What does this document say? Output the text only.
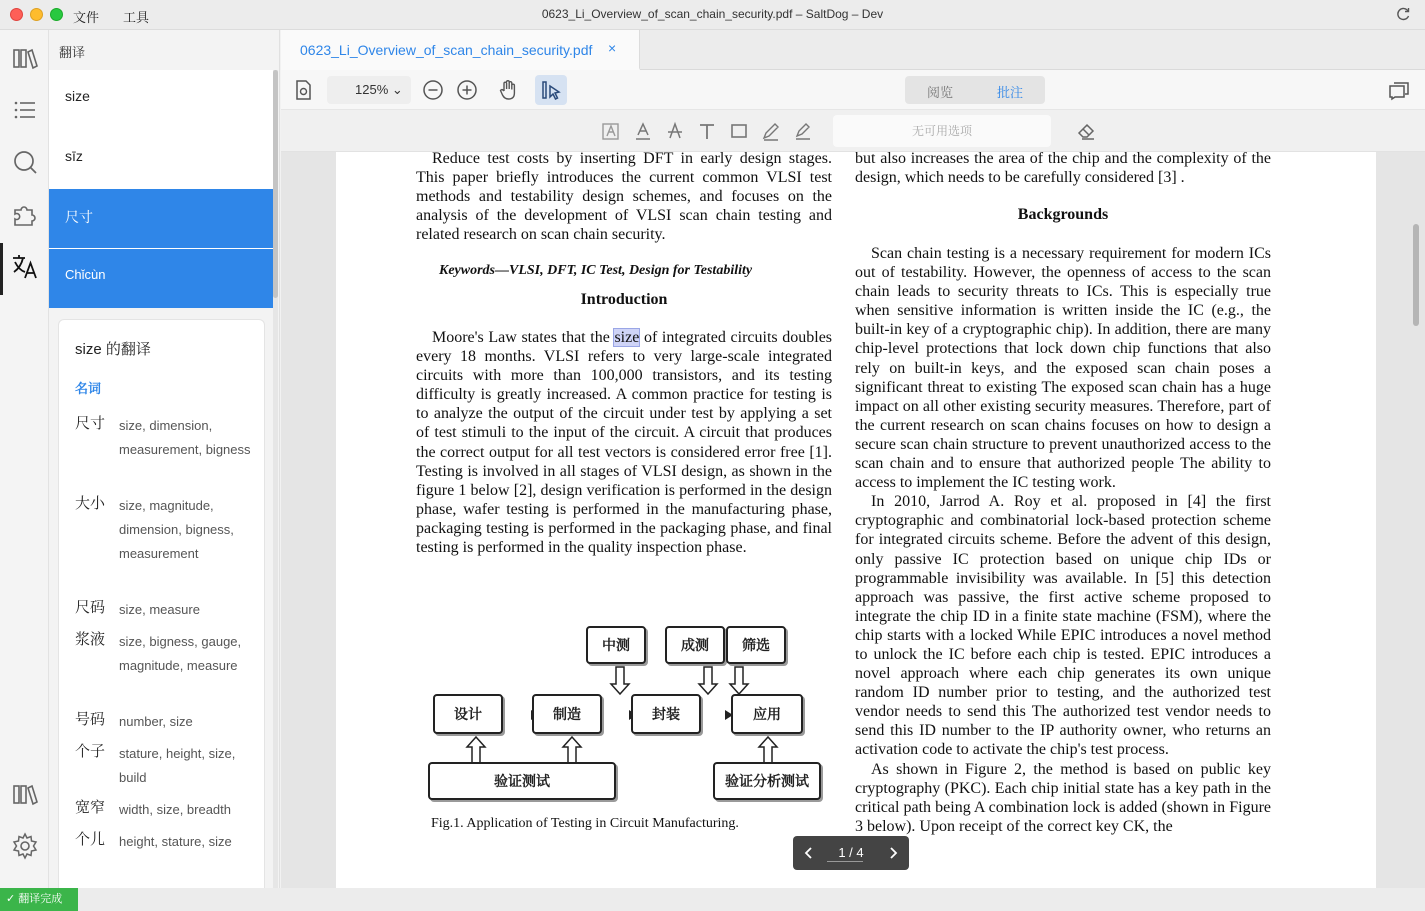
文件 工具	0623_Li_Overview_of_scan_chain_security.pdf – SaltDog – Dev
翻译
size
sīz
尺寸
Chǐcùn
size 的翻译
名词
尺寸 size, dimension, measurement, bigness
大小 size, magnitude, dimension, bigness, measurement
尺码 size, measure
浆液 size, bigness, gauge, magnitude, measure
号码 number, size
个子 stature, height, size, build
宽窄 width, size, breadth
个儿 height, stature, size
✓ 翻译完成
0623_Li_Overview_of_scan_chain_security.pdf ×
125% ⌄	阅览	批注
无可用选项

Reduce test costs by inserting DFT in early design stages. This paper briefly introduces the current common VLSI test methods and testability design schemes, and focuses on the analysis of the development of VLSI scan chain testing and related research on scan chain security.

Keywords—VLSI, DFT, IC Test, Design for Testability
Introduction

Moore's Law states that the size of integrated circuits doubles every 18 months. VLSI refers to very large-scale integrated circuits with more than 100,000 transistors, and its testing difficulty is greatly increased. A common practice for testing is to analyze the output of the circuit under test by applying a set of test stimuli to the input of the circuit. A circuit that produces the correct output for all test vectors is considered error free [1]. Testing is involved in all stages of VLSI design, as shown in the figure 1 below [2], design verification is performed in the design phase, wafer testing is performed in the manufacturing phase, packaging testing is performed in the packaging phase, and final testing is performed in the quality inspection phase.

设计	制造	封装	应用
中测	成测	筛选
验证测试	验证分析测试
Fig.1. Application of Testing in Circuit Manufacturing.

but also increases the area of the chip and the complexity of the design, which needs to be carefully considered [3] .

Backgrounds

Scan chain testing is a necessary requirement for modern ICs out of testability. However, the openness of access to the scan chain leads to security threats to ICs. This is especially true when sensitive information is written inside the IC (e.g., the built-in key of a cryptographic chip). In addition, there are many chip-level protections that lock down chip functions that also rely on built-in keys, and the exposed scan chain poses a significant threat to existing The exposed scan chain has a huge impact on all other existing security measures. Therefore, part of the current research on scan chains focuses on how to design a secure scan chain structure to prevent unauthorized access to the scan chain and to ensure that authorized people The ability to access to implement the IC testing work.

In 2010, Jarrod A. Roy et al. proposed in [4] the first cryptographic and combinatorial lock-based protection scheme for integrated circuits scheme. Before the advent of this design, only passive IC protection based on unique chip IDs or programmable invisibility was available. In [5] this detection approach was passive, the first active scheme proposed to integrate the chip ID in a finite state machine (FSM), where the chip starts with a locked While EPIC introduces a novel method to unlock the IC before each chip is tested. EPIC introduces a novel approach where each chip generates its own unique random ID number prior to testing, and the authorized test vendor needs to send this The authorized test vendor needs to send this ID number to the IP authority owner, who returns an activation code to activate the chip's test process.

As shown in Figure 2, the method is based on public key cryptography (PKC). Each chip initial state has a key path in the critical path being A combination lock is added (shown in Figure 3 below). Upon receipt of the correct key CK, the

1 / 4
